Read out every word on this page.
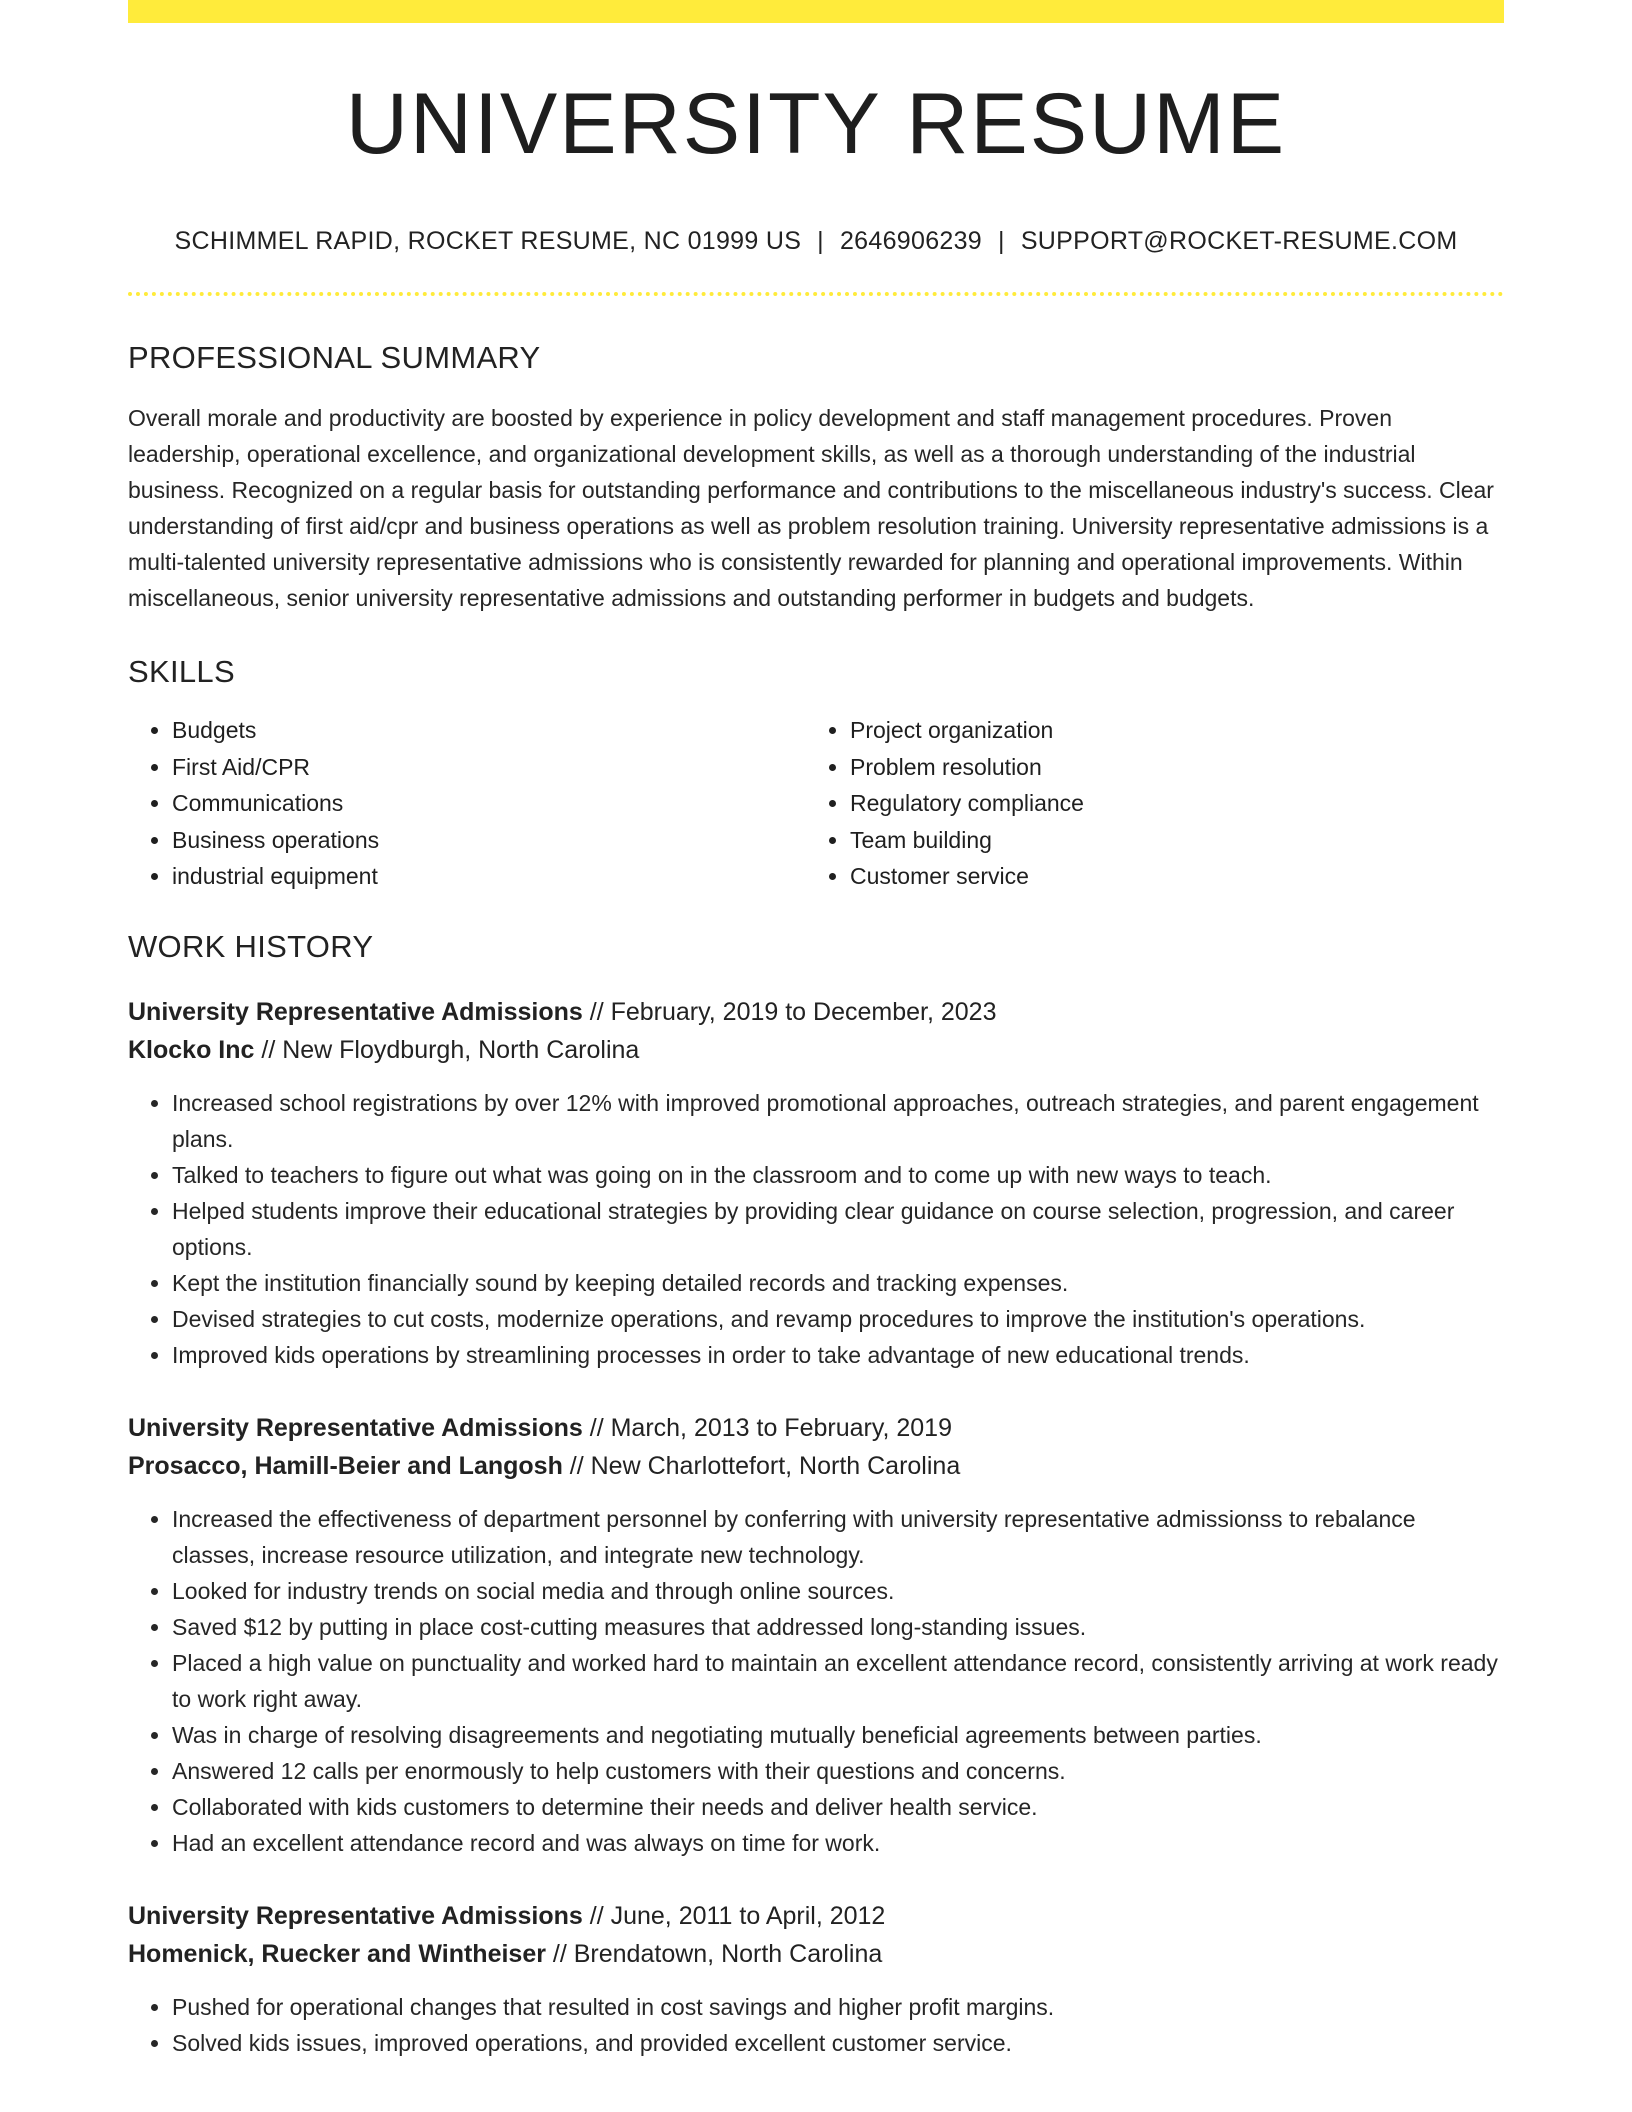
UNIVERSITY RESUME
SCHIMMEL RAPID, ROCKET RESUME, NC 01999 US | 2646906239 | SUPPORT@ROCKET-RESUME.COM
PROFESSIONAL SUMMARY

Overall morale and productivity are boosted by experience in policy development and staff management procedures. Proven leadership, operational excellence, and organizational development skills, as well as a thorough understanding of the industrial business. Recognized on a regular basis for outstanding performance and contributions to the miscellaneous industry's success. Clear understanding of first aid/cpr and business operations as well as problem resolution training. University representative admissions is a multi-talented university representative admissions who is consistently rewarded for planning and operational improvements. Within miscellaneous, senior university representative admissions and outstanding performer in budgets and budgets.

SKILLS
• Budgets
• First Aid/CPR
• Communications
• Business operations
• industrial equipment
• Project organization
• Problem resolution
• Regulatory compliance
• Team building
• Customer service
WORK HISTORY
University Representative Admissions // February, 2019 to December, 2023
Klocko Inc // New Floydburgh, North Carolina
• Increased school registrations by over 12% with improved promotional approaches, outreach strategies, and parent engagement plans.
• Talked to teachers to figure out what was going on in the classroom and to come up with new ways to teach.
• Helped students improve their educational strategies by providing clear guidance on course selection, progression, and career options.
• Kept the institution financially sound by keeping detailed records and tracking expenses.
• Devised strategies to cut costs, modernize operations, and revamp procedures to improve the institution's operations.
• Improved kids operations by streamlining processes in order to take advantage of new educational trends.
University Representative Admissions // March, 2013 to February, 2019
Prosacco, Hamill-Beier and Langosh // New Charlottefort, North Carolina
• Increased the effectiveness of department personnel by conferring with university representative admissionss to rebalance classes, increase resource utilization, and integrate new technology.
• Looked for industry trends on social media and through online sources.
• Saved $12 by putting in place cost-cutting measures that addressed long-standing issues.
• Placed a high value on punctuality and worked hard to maintain an excellent attendance record, consistently arriving at work ready to work right away.
• Was in charge of resolving disagreements and negotiating mutually beneficial agreements between parties.
• Answered 12 calls per enormously to help customers with their questions and concerns.
• Collaborated with kids customers to determine their needs and deliver health service.
• Had an excellent attendance record and was always on time for work.
University Representative Admissions // June, 2011 to April, 2012
Homenick, Ruecker and Wintheiser // Brendatown, North Carolina
• Pushed for operational changes that resulted in cost savings and higher profit margins.
• Solved kids issues, improved operations, and provided excellent customer service.
